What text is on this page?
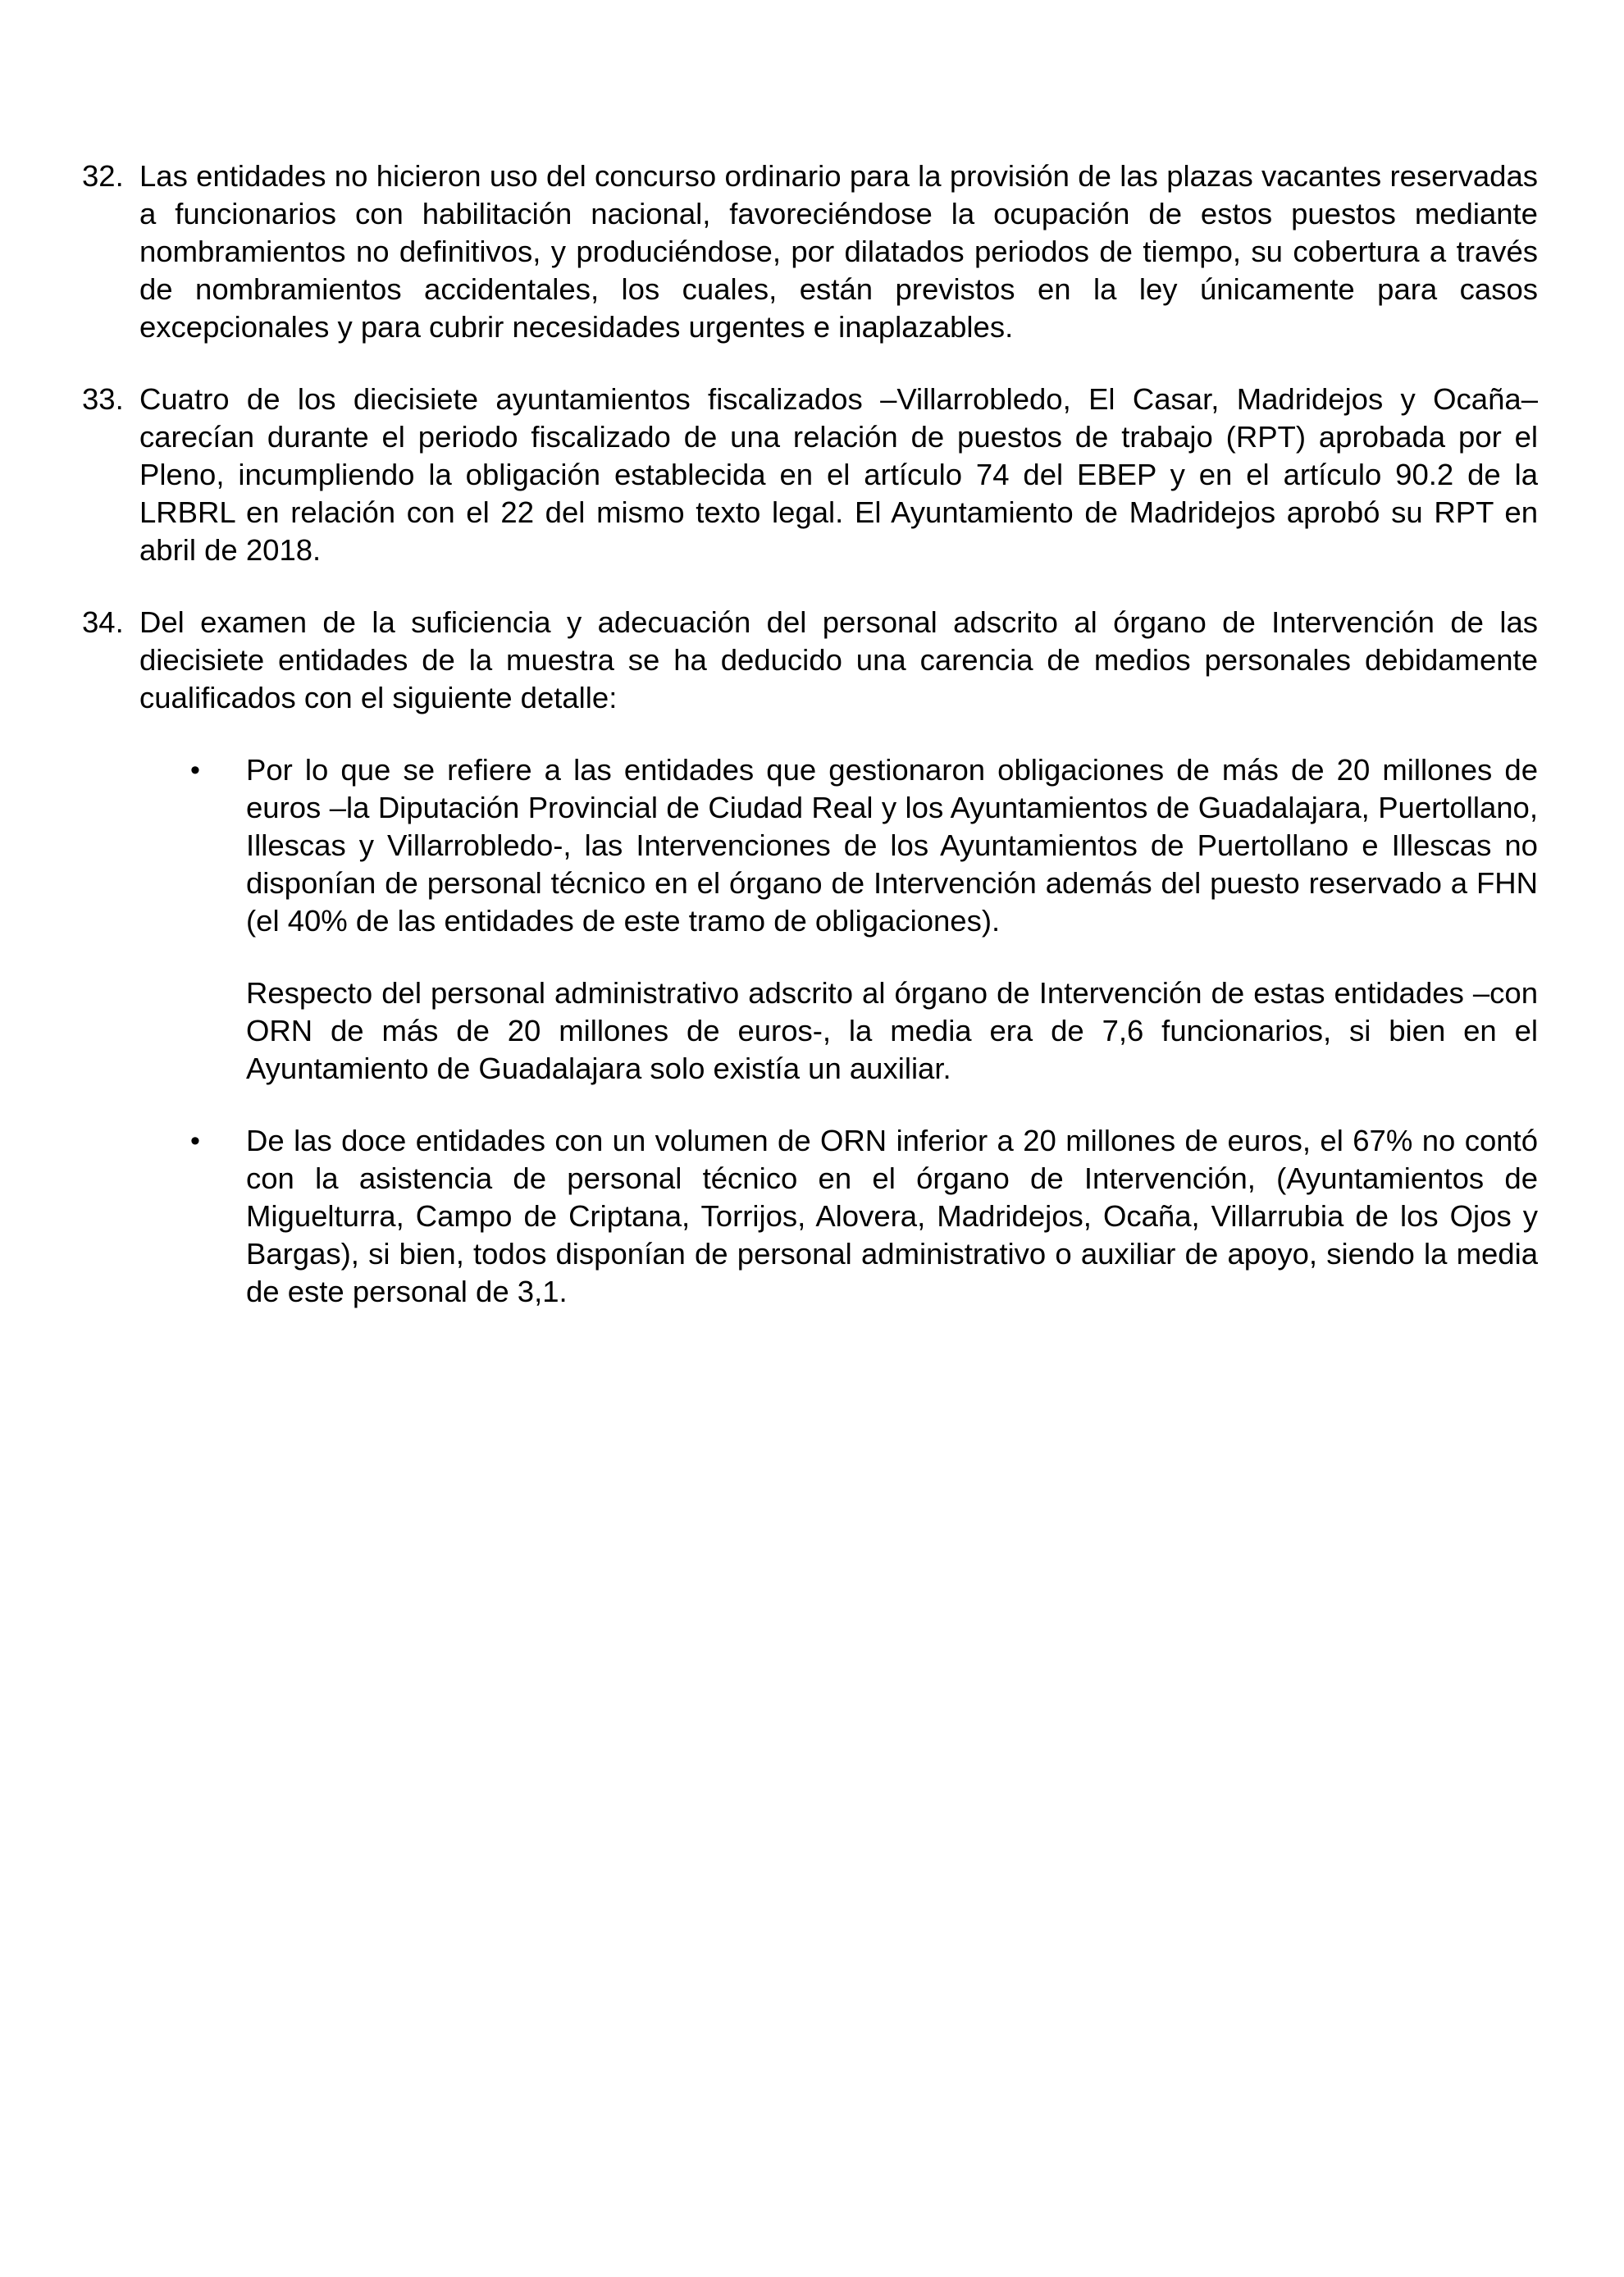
32. Las entidades no hicieron uso del concurso ordinario para la provisión de las plazas vacantes reservadas a funcionarios con habilitación nacional, favoreciéndose la ocupación de estos puestos mediante nombramientos no definitivos, y produciéndose, por dilatados periodos de tiempo, su cobertura a través de nombramientos accidentales, los cuales, están previstos en la ley únicamente para casos excepcionales y para cubrir necesidades urgentes e inaplazables.
33. Cuatro de los diecisiete ayuntamientos fiscalizados –Villarrobledo, El Casar, Madridejos y Ocaña– carecían durante el periodo fiscalizado de una relación de puestos de trabajo (RPT) aprobada por el Pleno, incumpliendo la obligación establecida en el artículo 74 del EBEP y en el artículo 90.2 de la LRBRL en relación con el 22 del mismo texto legal. El Ayuntamiento de Madridejos aprobó su RPT en abril de 2018.
34. Del examen de la suficiencia y adecuación del personal adscrito al órgano de Intervención de las diecisiete entidades de la muestra se ha deducido una carencia de medios personales debidamente cualificados con el siguiente detalle:
•	Por lo que se refiere a las entidades que gestionaron obligaciones de más de 20 millones de euros –la Diputación Provincial de Ciudad Real y los Ayuntamientos de Guadalajara, Puertollano, Illescas y Villarrobledo-, las Intervenciones de los Ayuntamientos de Puertollano e Illescas no disponían de personal técnico en el órgano de Intervención además del puesto reservado a FHN (el 40% de las entidades de este tramo de obligaciones).
Respecto del personal administrativo adscrito al órgano de Intervención de estas entidades –con ORN de más de 20 millones de euros-, la media era de 7,6 funcionarios, si bien en el Ayuntamiento de Guadalajara solo existía un auxiliar.
•	De las doce entidades con un volumen de ORN inferior a 20 millones de euros, el 67% no contó con la asistencia de personal técnico en el órgano de Intervención, (Ayuntamientos de Miguelturra, Campo de Criptana, Torrijos, Alovera, Madridejos, Ocaña, Villarrubia de los Ojos y Bargas), si bien, todos disponían de personal administrativo o auxiliar de apoyo, siendo la media de este personal de 3,1.
